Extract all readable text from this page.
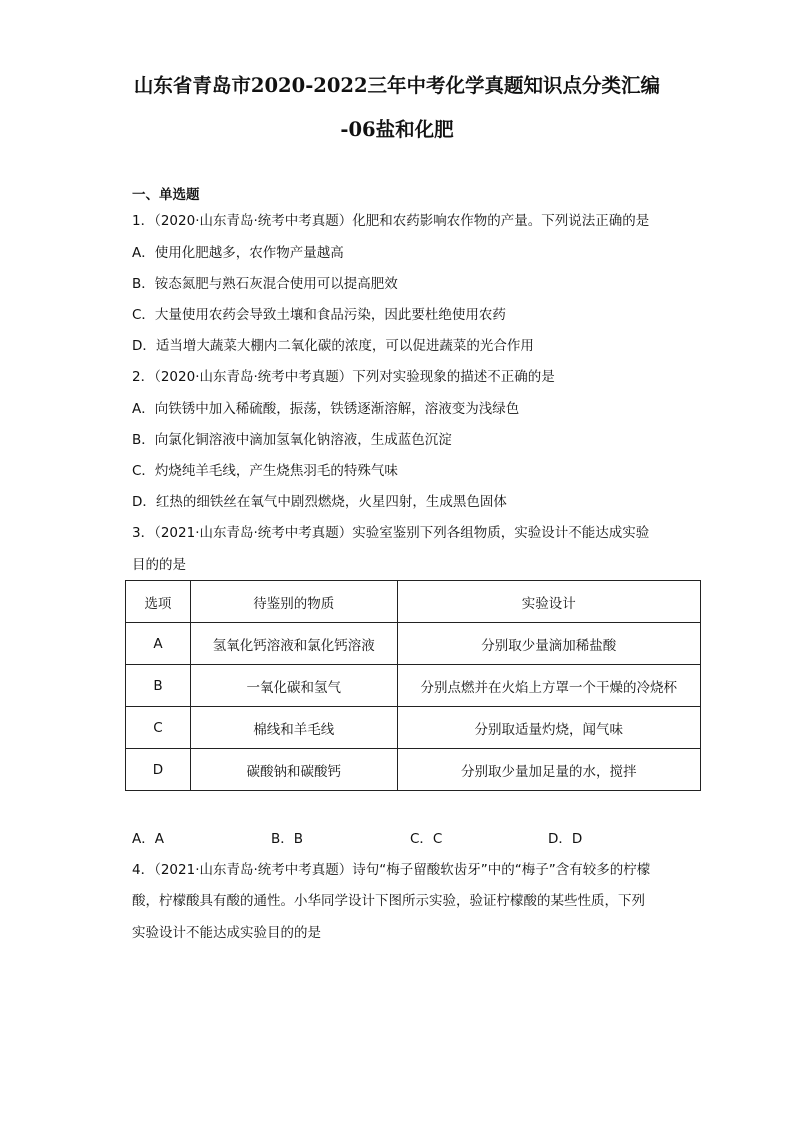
山东省青岛市2020-2022三年中考化学真题知识点分类汇编
-06盐和化肥
一、单选题
1．（2020·山东青岛·统考中考真题）化肥和农药影响农作物的产量。下列说法正确的是
A．使用化肥越多，农作物产量越高
B．铵态氮肥与熟石灰混合使用可以提高肥效
C．大量使用农药会导致土壤和食品污染，因此要杜绝使用农药
D．适当增大蔬菜大棚内二氧化碳的浓度，可以促进蔬菜的光合作用
2．（2020·山东青岛·统考中考真题）下列对实验现象的描述不正确的是
A．向铁锈中加入稀硫酸，振荡，铁锈逐渐溶解，溶液变为浅绿色
B．向氯化铜溶液中滴加氢氧化钠溶液，生成蓝色沉淀
C．灼烧纯羊毛线，产生烧焦羽毛的特殊气味
D．红热的细铁丝在氧气中剧烈燃烧，火星四射，生成黑色固体
3．（2021·山东青岛·统考中考真题）实验室鉴别下列各组物质，实验设计不能达成实验
目的的是
选项	待鉴别的物质	实验设计
A	氢氧化钙溶液和氯化钙溶液	分别取少量滴加稀盐酸
B	一氧化碳和氢气	分别点燃并在火焰上方罩一个干燥的冷烧杯
C	棉线和羊毛线	分别取适量灼烧，闻气味
D	碳酸钠和碳酸钙	分别取少量加足量的水，搅拌
A．A	B．B	C．C	D．D
4．（2021·山东青岛·统考中考真题）诗句“梅子留酸软齿牙”中的“梅子”含有较多的柠檬
酸，柠檬酸具有酸的通性。小华同学设计下图所示实验，验证柠檬酸的某些性质，下列
实验设计不能达成实验目的的是
